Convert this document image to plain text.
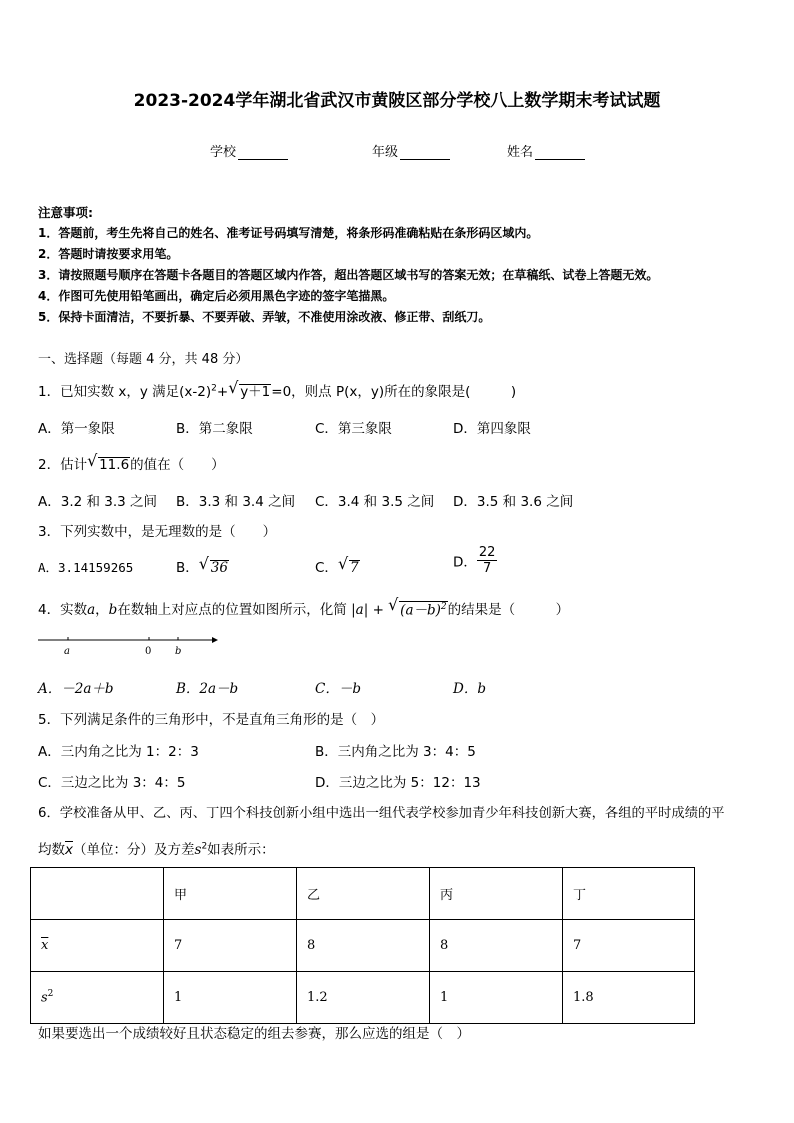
2023-2024学年湖北省武汉市黄陂区部分学校八上数学期末考试试题
学校	年级	姓名
注意事项:
1．答题前，考生先将自己的姓名、准考证号码填写清楚，将条形码准确粘贴在条形码区域内。
2．答题时请按要求用笔。
3．请按照题号顺序在答题卡各题目的答题区域内作答，超出答题区域书写的答案无效；在草稿纸、试卷上答题无效。
4．作图可先使用铅笔画出，确定后必须用黑色字迹的签字笔描黑。
5．保持卡面清洁，不要折暴、不要弄破、弄皱，不准使用涂改液、修正带、刮纸刀。
一、选择题（每题 4 分，共 48 分）
1．已知实数 x，y 满足$(x-2)^2+$ √ y＋1=0，则点 P(x，y)所在的象限是(　　　)
A．第一象限	B．第二象限	C．第三象限	D．第四象限
2．估计 √ 11.6的值在（　　）
A．3.2 和 3.3 之间 B．3.3 和 3.4 之间 C．3.4 和 3.5 之间 D．3.5 和 3.6 之间
3．下列实数中，是无理数的是（　　）
A．3.14159265	B． √ 36	C． √ 7	D． $\frac{22}{7}$
4．实数a，b在数轴上对应点的位置如图所示，化简 |a| + √ $(a-b)^2$的结果是（　　　）
a	0 b
A．－2a＋b	B．2a－b	C．－b	D．b
5．下列满足条件的三角形中，不是直角三角形的是（　）
A．三内角之比为 1：2：3	B．三内角之比为 3：4：5
C．三边之比为 3：4：5	D．三边之比为 5：12：13
6．学校准备从甲、乙、丙、丁四个科技创新小组中选出一组代表学校参加青少年科技创新大赛，各组的平时成绩的平
均数$\overline{x}$（单位：分）及方差$s^2$如表所示：
	甲	乙	丙	丁
$\overline{x}$	7	8	8	7
$s^2$	1	1.2	1	1.8
如果要选出一个成绩较好且状态稳定的组去参赛，那么应选的组是（　）
